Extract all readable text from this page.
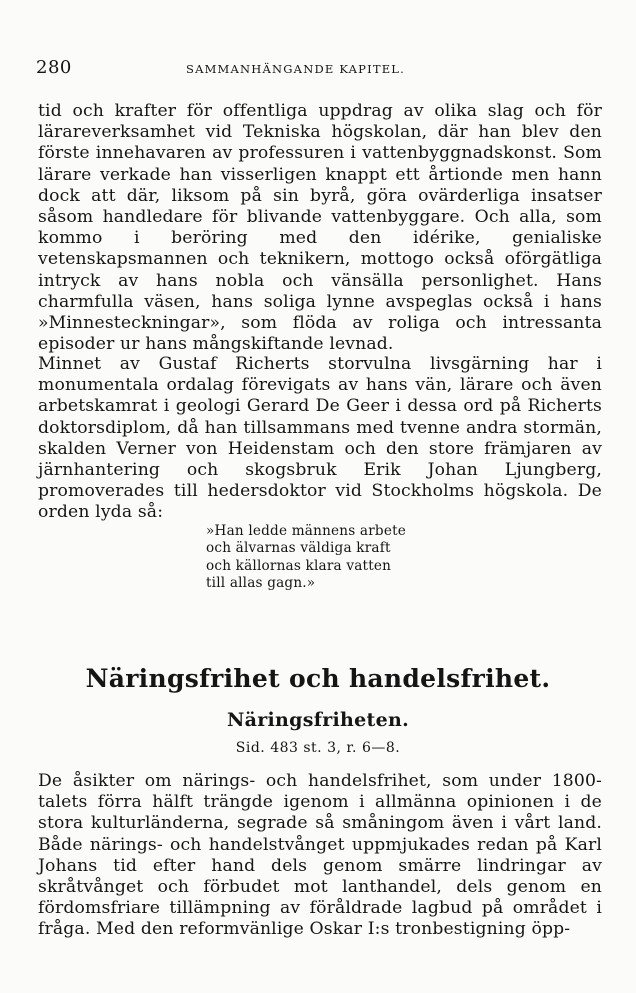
280	SAMMANHÄNGANDE KAPITEL.

tid och krafter för offentliga uppdrag av olika slag och för lärareverksamhet vid Tekniska högskolan, där han blev den förste innehavaren av professuren i vattenbyggnadskonst. Som lärare verkade han visserligen knappt ett årtionde men hann dock att där, liksom på sin byrå, göra ovärderliga insatser såsom handledare för blivande vattenbyggare. Och alla, som kommo i beröring med den idérike, genialiske vetenskapsmannen och teknikern, mottogo också oförgätliga intryck av hans nobla och vänsälla personlighet. Hans charmfulla väsen, hans soliga lynne avspeglas också i hans »Minnesteckningar», som flöda av roliga och intressanta episoder ur hans mångskiftande levnad.

Minnet av Gustaf Richerts storvulna livsgärning har i monumentala ordalag förevigats av hans vän, lärare och även arbetskamrat i geologi Gerard De Geer i dessa ord på Richerts doktorsdiplom, då han tillsammans med tvenne andra stormän, skalden Verner von Heidenstam och den store främjaren av järnhantering och skogsbruk Erik Johan Ljungberg, promoverades till hedersdoktor vid Stockholms högskola. De orden lyda så:

»Han ledde männens arbete
och älvarnas väldiga kraft
och källornas klara vatten
till allas gagn.»
Näringsfrihet och handelsfrihet.
Näringsfriheten.
Sid. 483 st. 3, r. 6—8.

De åsikter om närings- och handelsfrihet, som under 1800-talets förra hälft trängde igenom i allmänna opinionen i de stora kulturländerna, segrade så småningom även i vårt land. Både närings- och handelstvånget uppmjukades redan på Karl Johans tid efter hand dels genom smärre lindringar av skråtvånget och förbudet mot lanthandel, dels genom en fördomsfriare tillämpning av föråldrade lagbud på området i fråga. Med den reformvänlige Oskar I:s tronbestigning öpp-
